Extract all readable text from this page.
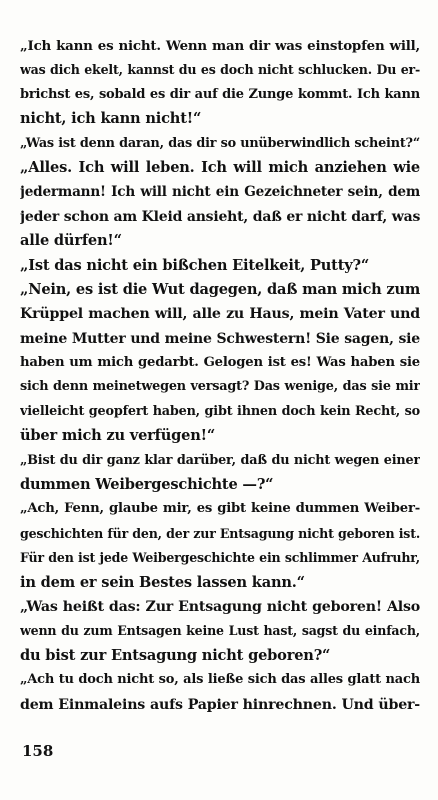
„Ich kann es nicht. Wenn man dir was einstopfen will,
was dich ekelt, kannst du es doch nicht schlucken. Du er-
brichst es, sobald es dir auf die Zunge kommt. Ich kann
nicht, ich kann nicht!“
„Was ist denn daran, das dir so unüberwindlich scheint?“
„Alles. Ich will leben. Ich will mich anziehen wie
jedermann! Ich will nicht ein Gezeichneter sein, dem
jeder schon am Kleid ansieht, daß er nicht darf, was
alle dürfen!“
„Ist das nicht ein bißchen Eitelkeit, Putty?“
„Nein, es ist die Wut dagegen, daß man mich zum
Krüppel machen will, alle zu Haus, mein Vater und
meine Mutter und meine Schwestern! Sie sagen, sie
haben um mich gedarbt. Gelogen ist es! Was haben sie
sich denn meinetwegen versagt? Das wenige, das sie mir
vielleicht geopfert haben, gibt ihnen doch kein Recht, so
über mich zu verfügen!“
„Bist du dir ganz klar darüber, daß du nicht wegen einer
dummen Weibergeschichte —?“
„Ach, Fenn, glaube mir, es gibt keine dummen Weiber-
geschichten für den, der zur Entsagung nicht geboren ist.
Für den ist jede Weibergeschichte ein schlimmer Aufruhr,
in dem er sein Bestes lassen kann.“
„Was heißt das: Zur Entsagung nicht geboren! Also
wenn du zum Entsagen keine Lust hast, sagst du einfach,
du bist zur Entsagung nicht geboren?“
„Ach tu doch nicht so, als ließe sich das alles glatt nach
dem Einmaleins aufs Papier hinrechnen. Und über-
158
